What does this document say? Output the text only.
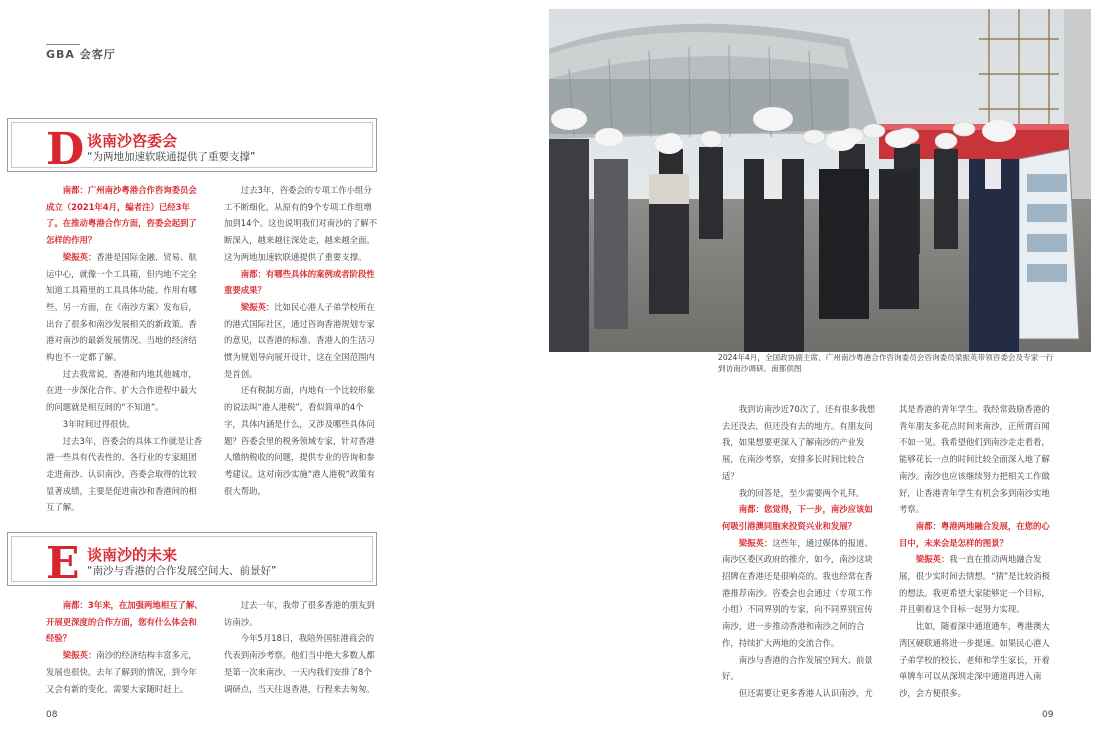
GBA 会客厅
D 谈南沙咨委会
“为两地加速软联通提供了重要支撑”

南都：广州南沙粤港合作咨询委员会成立（2021年4月，编者注）已经3年了。在推动粤港合作方面，咨委会起到了怎样的作用？

梁振英：香港是国际金融、贸易、航运中心，就像一个工具箱，但内地不完全知道工具箱里的工具具体功能、作用有哪些。另一方面，在《南沙方案》发布后，出台了很多和南沙发展相关的新政策。香港对南沙的最新发展情况、当地的经济结构也不一定都了解。

过去我常说，香港和内地其他城市，在进一步深化合作、扩大合作进程中最大的问题就是相互间的“不知道”。

3年时间过得很快。

过去3年，咨委会的具体工作就是让香港一些具有代表性的、各行业的专家組团走进南沙、认识南沙。咨委会取得的比较显著成绩，主要是促进南沙和香港间的相互了解。

过去3年，咨委会的专项工作小组分工不断细化，从原有的9个专项工作组增加到14个。这也说明我们对南沙的了解不断深入，越来越往深处走，越来越全面。这为两地加速软联通提供了重要支撑。

南都：有哪些具体的案例或者阶段性重要成果？

梁振英：比如民心港人子弟学校所在的港式国际社区，通过咨询香港规划专家的意见，以香港的标准、香港人的生活习惯为规划导向展开设计，这在全国范围内是首创。

还有税制方面，内地有一个比较形象的说法叫“港人港税”，看似简单的4个字，具体内涵是什么，又涉及哪些具体问题？咨委会里的税务领域专家，针对香港人缴纳税收的问题，提供专业的咨询和参考建议。这对南沙实施“港人港税”政策有很大帮助。

E 谈南沙的未来
“南沙与香港的合作发展空间大、前景好”

南都：3年来，在加强两地相互了解、开展更深度的合作方面，您有什么体会和经验？

梁振英：南沙的经济结构丰富多元，发展也很快。去年了解到的情况，到今年又会有新的变化，需要大家随时赶上。

过去一年，我带了很多香港的朋友到访南沙。

今年5月18日，我陪外国驻港商会的代表到南沙考察。他们当中绝大多数人都是第一次来南沙。一天内我们安排了8个调研点，当天往返香港，行程来去匆匆。

08
2024年4月，全国政协副主席、广州南沙粤港合作咨询委员会咨询委员梁振英带领咨委会及专家一行到访南沙调研。南都供图

我到访南沙近70次了，还有很多我想去还没去，但还没有去的地方。有朋友问我，如果想要更深入了解南沙的产业发展，在南沙考察，安排多长时间比较合适？

我的回答是，至少需要两个礼拜。

南都：您觉得，下一步，南沙应该如何吸引港澳同胞来投资兴业和发展？

梁振英：这些年，通过媒体的报道、南沙区委区政府的推介，如今，南沙这块招牌在香港还是很响亮的。我也经常在香港推荐南沙。咨委会也会通过（专项工作小组）不同界别的专家，向不同界别宣传南沙，进一步推动香港和南沙之间的合作，持续扩大两地的交流合作。

南沙与香港的合作发展空间大、前景好。

但还需要让更多香港人认识南沙，尤

其是香港的青年学生。我经常鼓励香港的青年朋友多花点时间来南沙，正所谓百闻不如一见。我希望他们到南沙走走看看，能够花长一点的时间比较全面深入地了解南沙。南沙也应该继续努力把相关工作做好，让香港青年学生有机会多到南沙实地考察。

南都：粤港两地融合发展，在您的心目中，未来会是怎样的图景？

梁振英：我一直在推动两地融合发展，很少实时间去情想。“猜”是比较消极的想法。我更希望大家能够定一个目标，并且朝着这个目标一起努力实现。

比如，随着深中通道通车，粤港澳大湾区硬联通将进一步提速。如果民心港人子弟学校的校长、老师和学生家长，开着单牌车可以从深圳走深中通道再进入南沙，会方便很多。

09
